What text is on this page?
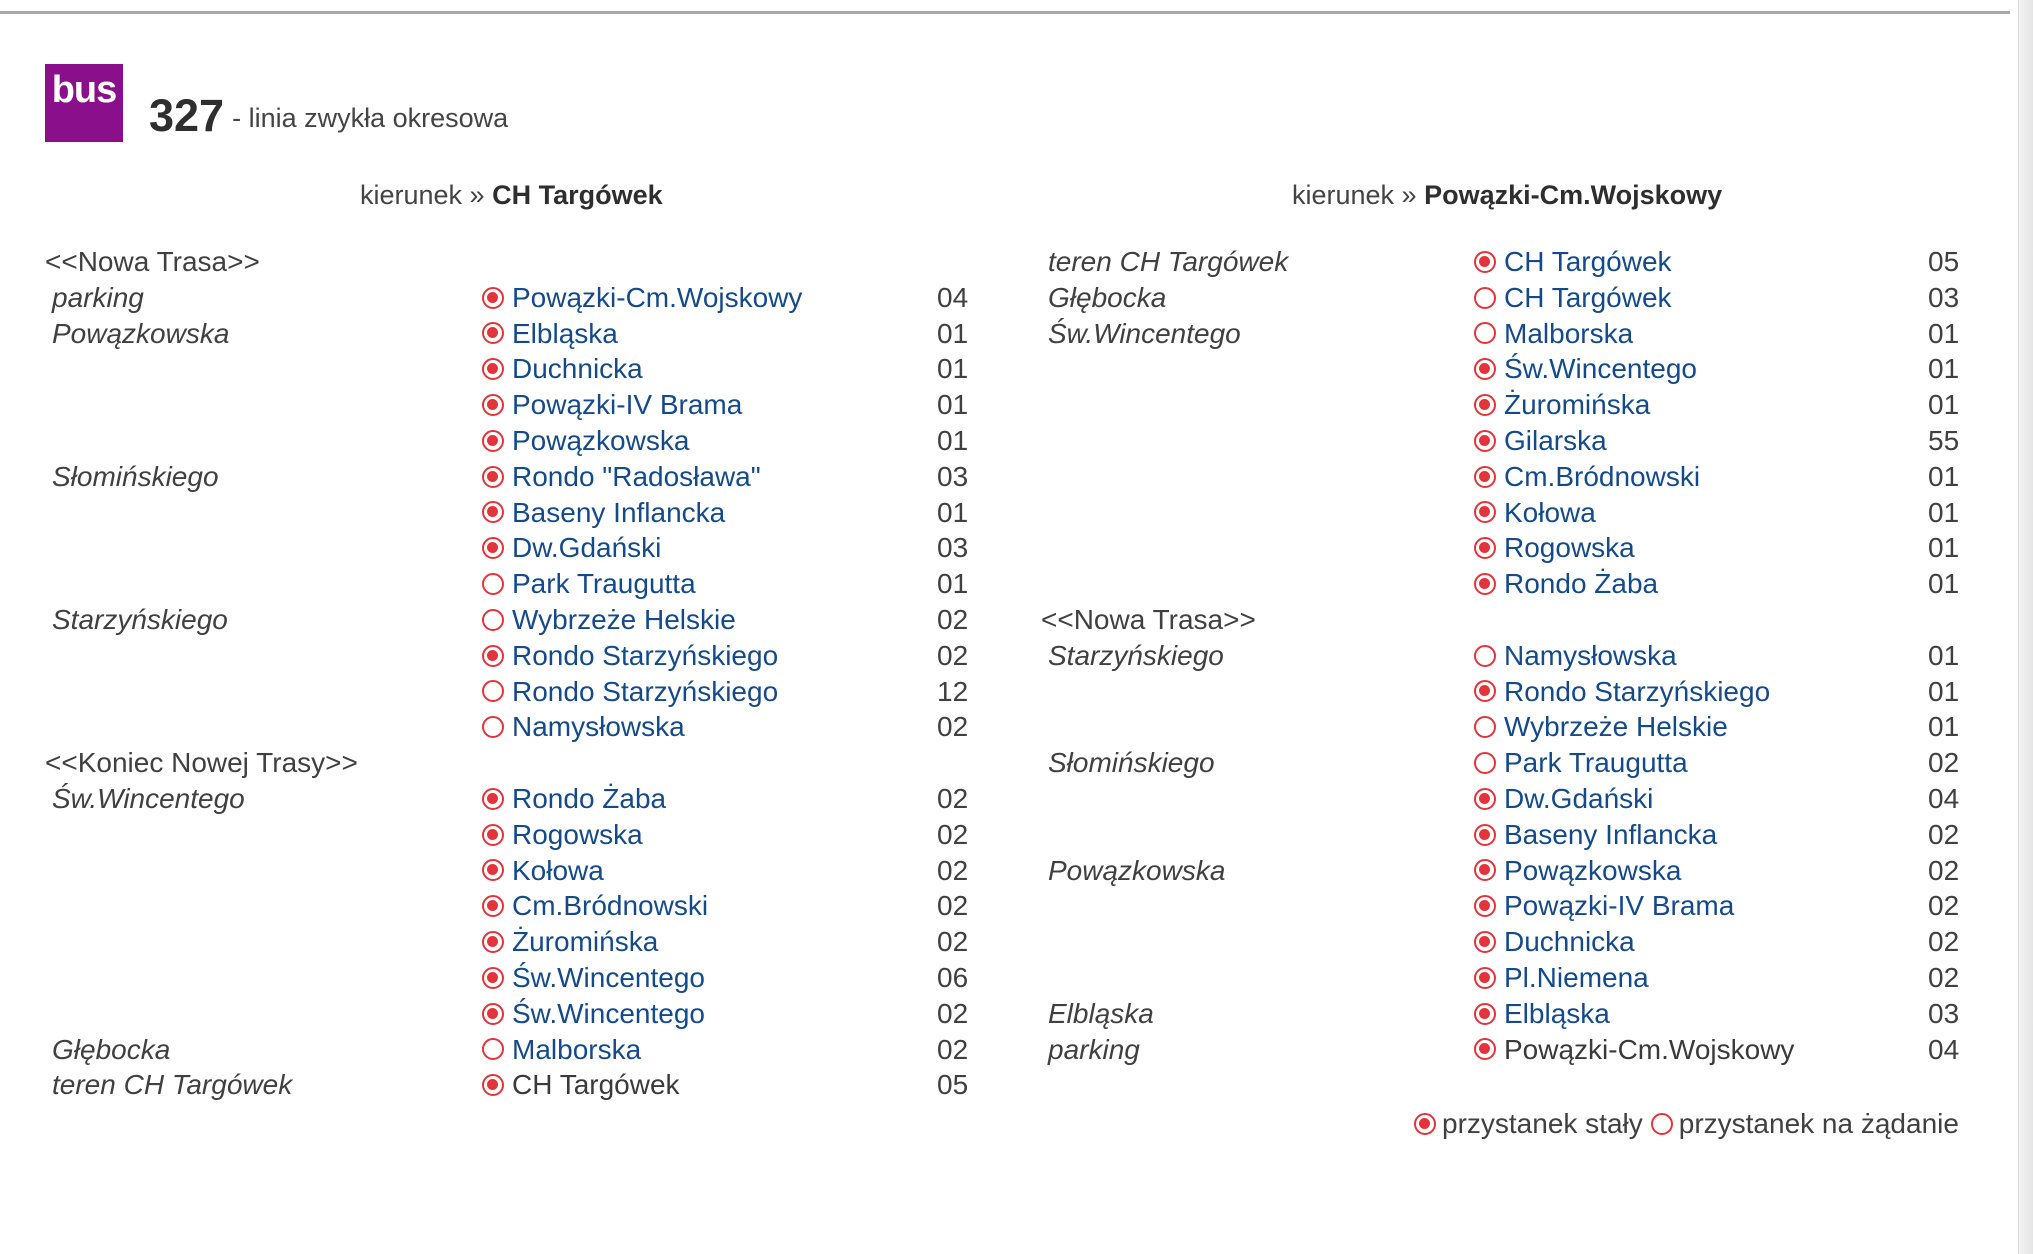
bus 327 - linia zwykła okresowa
kierunek » CH Targówek	kierunek » Powązki-Cm.Wojskowy
<<Nowa Trasa>>
parking	Powązki-Cm.Wojskowy	04
Powązkowska	Elbląska	01
Duchnicka	01
Powązki-IV Brama	01
Powązkowska	01
Słomińskiego	Rondo "Radosława"	03
Baseny Inflancka	01
Dw.Gdański	03
Park Traugutta	01
Starzyńskiego	Wybrzeże Helskie	02
Rondo Starzyńskiego	02
Rondo Starzyńskiego	12
Namysłowska	02
<<Koniec Nowej Trasy>>
Św.Wincentego	Rondo Żaba	02
Rogowska	02
Kołowa	02
Cm.Bródnowski	02
Żuromińska	02
Św.Wincentego	06
Św.Wincentego	02
Głębocka	Malborska	02
teren CH Targówek	CH Targówek	05
teren CH Targówek	CH Targówek	05
Głębocka	CH Targówek	03
Św.Wincentego	Malborska	01
Św.Wincentego	01
Żuromińska	01
Gilarska	55
Cm.Bródnowski	01
Kołowa	01
Rogowska	01
Rondo Żaba	01
<<Nowa Trasa>>
Starzyńskiego	Namysłowska	01
Rondo Starzyńskiego	01
Wybrzeże Helskie	01
Słomińskiego	Park Traugutta	02
Dw.Gdański	04
Baseny Inflancka	02
Powązkowska	Powązkowska	02
Powązki-IV Brama	02
Duchnicka	02
Pl.Niemena	02
Elbląska	Elbląska	03
parking	Powązki-Cm.Wojskowy	04
przystanek stały przystanek na żądanie
